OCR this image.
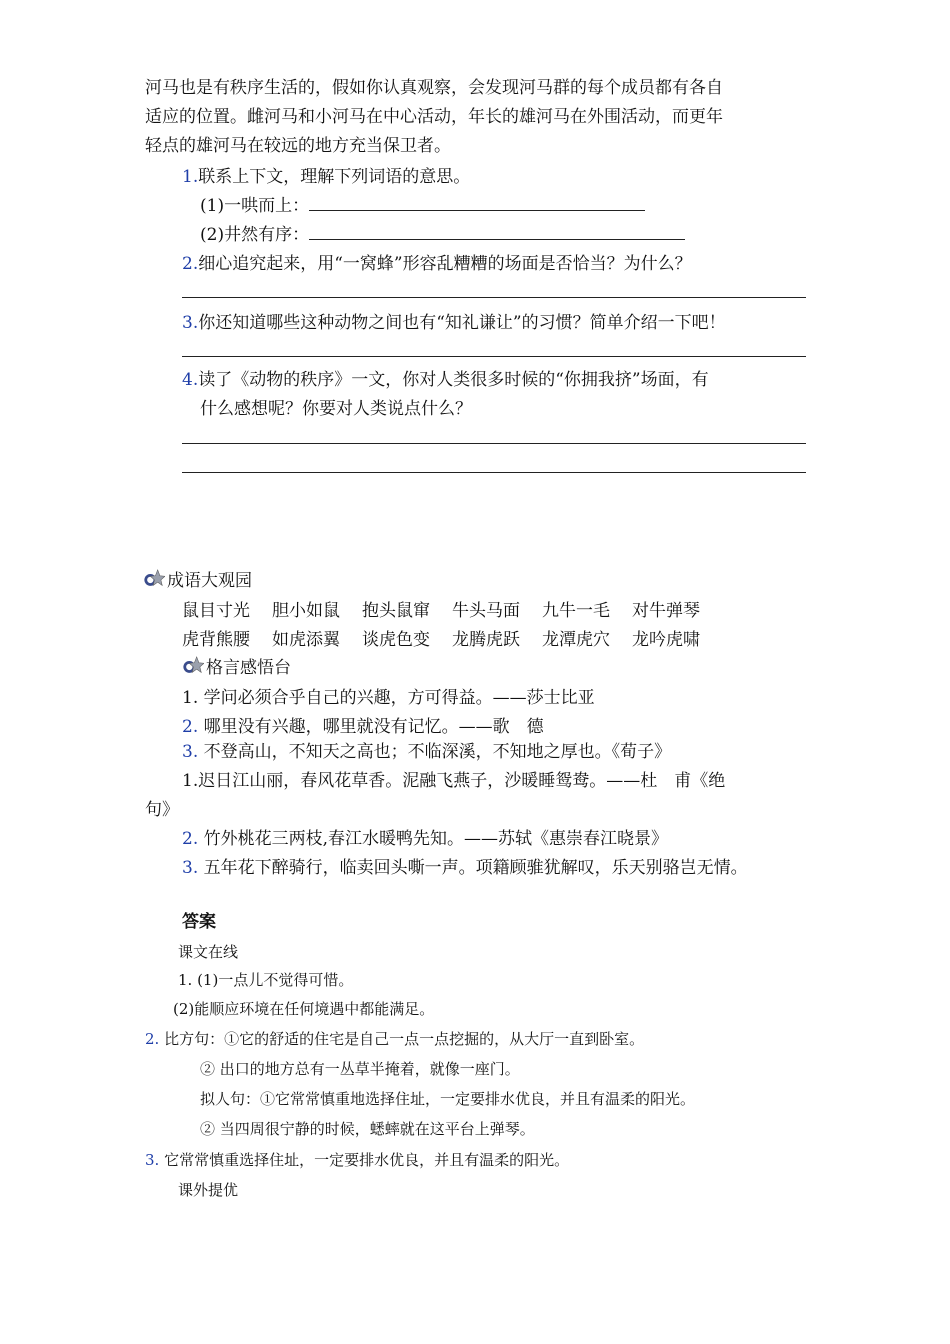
河马也是有秩序生活的，假如你认真观察，会发现河马群的每个成员都有各自
适应的位置。雌河马和小河马在中心活动，年长的雄河马在外围活动，而更年
轻点的雄河马在较远的地方充当保卫者。
1.联系上下文，理解下列词语的意思。
(1)一哄而上：
(2)井然有序：
2.细心追究起来，用“一窝蜂”形容乱糟糟的场面是否恰当？为什么？
3.你还知道哪些这种动物之间也有“知礼谦让”的习惯？简单介绍一下吧！
4.读了《动物的秩序》一文，你对人类很多时候的“你拥我挤”场面，有
什么感想呢？你要对人类说点什么？
成语大观园
鼠目寸光 胆小如鼠 抱头鼠窜 牛头马面 九牛一毛 对牛弹琴
虎背熊腰 如虎添翼 谈虎色变 龙腾虎跃 龙潭虎穴 龙吟虎啸
格言感悟台
1. 学问必须合乎自己的兴趣，方可得益。——莎士比亚
2. 哪里没有兴趣，哪里就没有记忆。——歌　德
3. 不登高山，不知天之高也；不临深溪，不知地之厚也。《荀子》
1.迟日江山丽，春风花草香。泥融飞燕子，沙暖睡鸳鸯。——杜　甫《绝
句》
2. 竹外桃花三两枝,春江水暖鸭先知。——苏轼《惠崇春江晓景》
3. 五年花下醉骑行，临卖回头嘶一声。项籍顾骓犹解叹，乐天别骆岂无情。
答案
课文在线
1. (1)一点儿不觉得可惜。
(2)能顺应环境在任何境遇中都能满足。
2. 比方句：①它的舒适的住宅是自己一点一点挖掘的，从大厅一直到卧室。
② 出口的地方总有一丛草半掩着，就像一座门。
拟人句：①它常常慎重地选择住址，一定要排水优良，并且有温柔的阳光。
② 当四周很宁静的时候，蟋蟀就在这平台上弹琴。
3. 它常常慎重选择住址，一定要排水优良，并且有温柔的阳光。
课外提优
